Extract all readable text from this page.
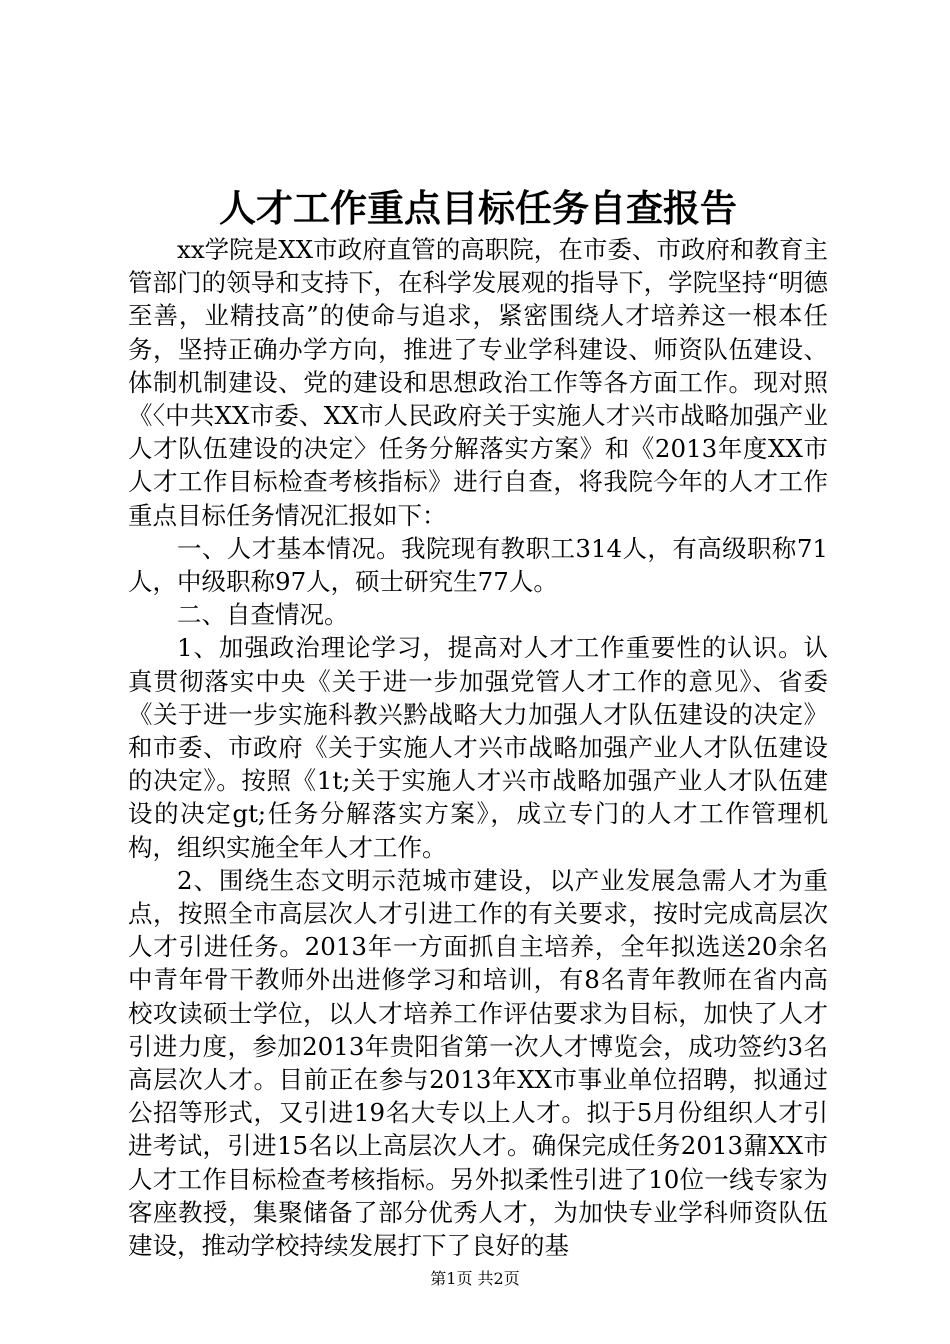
人才工作重点目标任务自查报告

xx学院是XX市政府直管的高职院，在市委、市政府和教育主管部门的领导和支持下，在科学发展观的指导下，学院坚持“明德至善，业精技高”的使命与追求，紧密围绕人才培养这一根本任务，坚持正确办学方向，推进了专业学科建设、师资队伍建设、体制机制建设、党的建设和思想政治工作等各方面工作。现对照《〈中共XX市委、XX市人民政府关于实施人才兴市战略加强产业人才队伍建设的决定〉任务分解落实方案》和《2013年度XX市人才工作目标检查考核指标》进行自查，将我院今年的人才工作重点目标任务情况汇报如下：

一、人才基本情况。我院现有教职工314人，有高级职称71人，中级职称97人，硕士研究生77人。

二、自查情况。

1、加强政治理论学习，提高对人才工作重要性的认识。认真贯彻落实中央《关于进一步加强党管人才工作的意见》、省委《关于进一步实施科教兴黔战略大力加强人才队伍建设的决定》和市委、市政府《关于实施人才兴市战略加强产业人才队伍建设的决定》。按照《1t;关于实施人才兴市战略加强产业人才队伍建设的决定gt;任务分解落实方案》，成立专门的人才工作管理机构，组织实施全年人才工作。

2、围绕生态文明示范城市建设，以产业发展急需人才为重点，按照全市高层次人才引进工作的有关要求，按时完成高层次人才引进任务。2013年一方面抓自主培养，全年拟选送20余名中青年骨干教师外出进修学习和培训，有8名青年教师在省内高校攻读硕士学位，以人才培养工作评估要求为目标，加快了人才引进力度，参加2013年贵阳省第一次人才博览会，成功签约3名高层次人才。目前正在参与2013年XX市事业单位招聘，拟通过公招等形式，又引进19名大专以上人才。拟于5月份组织人才引进考试，引进15名以上高层次人才。确保完成任务2013鼐XX市人才工作目标检查考核指标。另外拟柔性引进了10位一线专家为客座教授，集聚储备了部分优秀人才，为加快专业学科师资队伍建设，推动学校持续发展打下了良好的基

第1页 共2页
